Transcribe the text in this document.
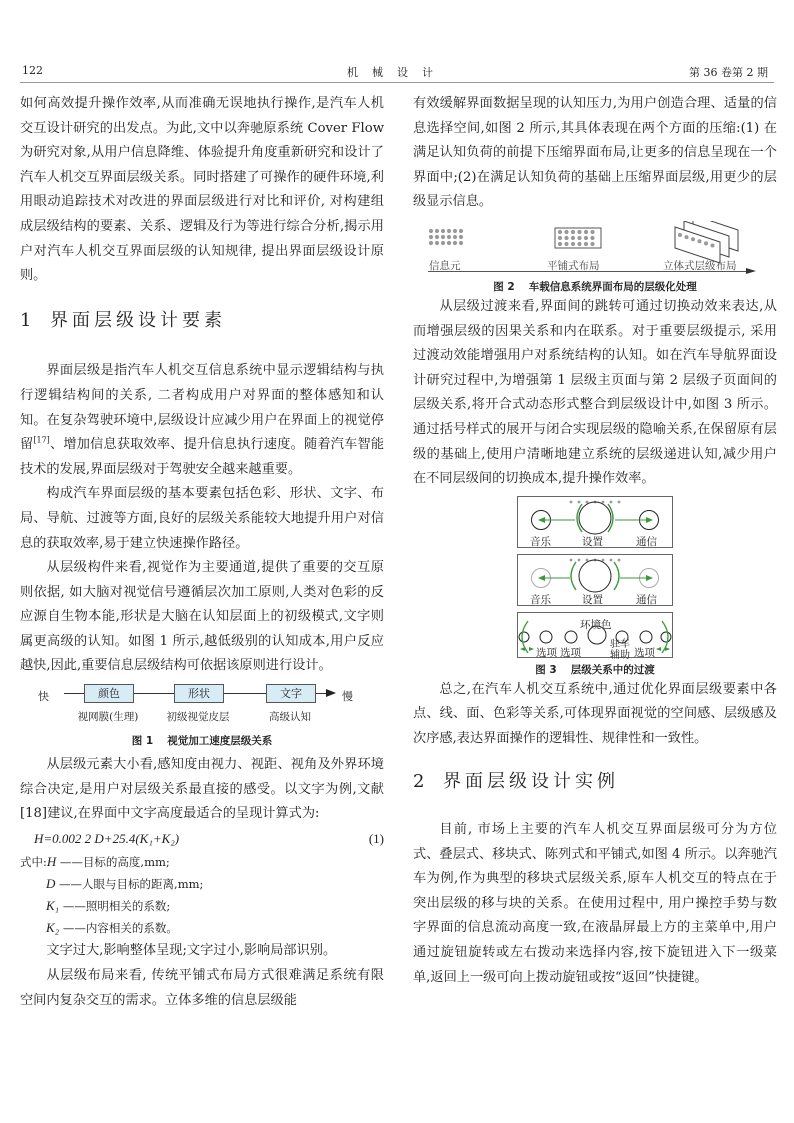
122	机械设计	第 36 卷第 2 期

如何高效提升操作效率,从而准确无误地执行操作,是汽车人机交互设计研究的出发点。为此,文中以奔驰原系统 Cover Flow 为研究对象,从用户信息降维、体验提升角度重新研究和设计了汽车人机交互界面层级关系。同时搭建了可操作的硬件环境,利用眼动追踪技术对改进的界面层级进行对比和评价, 对构建组成层级结构的要素、关系、逻辑及行为等进行综合分析,揭示用户对汽车人机交互界面层级的认知规律, 提出界面层级设计原则。

1 界面层级设计要素

界面层级是指汽车人机交互信息系统中显示逻辑结构与执行逻辑结构间的关系, 二者构成用户对界面的整体感知和认知。在复杂驾驶环境中,层级设计应减少用户在界面上的视觉停留[17]、增加信息获取效率、提升信息执行速度。随着汽车智能技术的发展,界面层级对于驾驶安全越来越重要。

构成汽车界面层级的基本要素包括色彩、形状、文字、布局、导航、过渡等方面,良好的层级关系能较大地提升用户对信息的获取效率,易于建立快速操作路径。

从层级构件来看,视觉作为主要通道,提供了重要的交互原则依据, 如大脑对视觉信号遵循层次加工原则,人类对色彩的反应源自生物本能,形状是大脑在认知层面上的初级模式,文字则属更高级的认知。如图 1 所示,越低级别的认知成本,用户反应越快,因此,重要信息层级结构可依据该原则进行设计。

快	慢
颜色	形状	文字
视网膜(生理)	初级视觉皮层	高级认知
图 1 视觉加工速度层级关系

从层级元素大小看,感知度由视力、视距、视角及外界环境综合决定,是用户对层级关系最直接的感受。以文字为例,文献[18]建议,在界面中文字高度最适合的呈现计算式为:

H=0.002 2 D+25.4(K₁+K₂)	(1)
式中:H ——目标的高度,mm;
D ——人眼与目标的距离,mm;
K₁ ——照明相关的系数;
K₂ ——内容相关的系数。

文字过大,影响整体呈现;文字过小,影响局部识别。

从层级布局来看, 传统平铺式布局方式很难满足系统有限空间内复杂交互的需求。立体多维的信息层级能

有效缓解界面数据呈现的认知压力,为用户创造合理、适量的信息选择空间,如图 2 所示,其具体表现在两个方面的压缩:(1) 在满足认知负荷的前提下压缩界面布局,让更多的信息呈现在一个界面中;(2)在满足认知负荷的基础上压缩界面层级,用更少的层级显示信息。

信息元	平铺式布局	立体式层级布局
图 2 车载信息系统界面布局的层级化处理

从层级过渡来看,界面间的跳转可通过切换动效来表达,从而增强层级的因果关系和内在联系。对于重要层级提示, 采用过渡动效能增强用户对系统结构的认知。如在汽车导航界面设计研究过程中,为增强第 1 层级主页面与第 2 层级子页面间的层级关系,将开合式动态形式整合到层级设计中,如图 3 所示。通过括号样式的展开与闭合实现层级的隐喻关系,在保留原有层级的基础上,使用户清晰地建立系统的层级递进认知,减少用户在不同层级间的切换成本,提升操作效率。

音乐	设置	通信
音乐	设置	通信
环境色
选项 选项
驻车
辅助 选项
图 3 层级关系中的过渡

总之,在汽车人机交互系统中,通过优化界面层级要素中各点、线、面、色彩等关系,可体现界面视觉的空间感、层级感及次序感,表达界面操作的逻辑性、规律性和一致性。

2 界面层级设计实例

目前, 市场上主要的汽车人机交互界面层级可分为方位式、叠层式、移块式、陈列式和平铺式,如图 4 所示。以奔驰汽车为例,作为典型的移块式层级关系,原车人机交互的特点在于突出层级的移与块的关系。在使用过程中, 用户操控手势与数字界面的信息流动高度一致,在液晶屏最上方的主菜单中,用户通过旋钮旋转或左右拨动来选择内容,按下旋钮进入下一级菜单,返回上一级可向上拨动旋钮或按“返回”快捷键。
